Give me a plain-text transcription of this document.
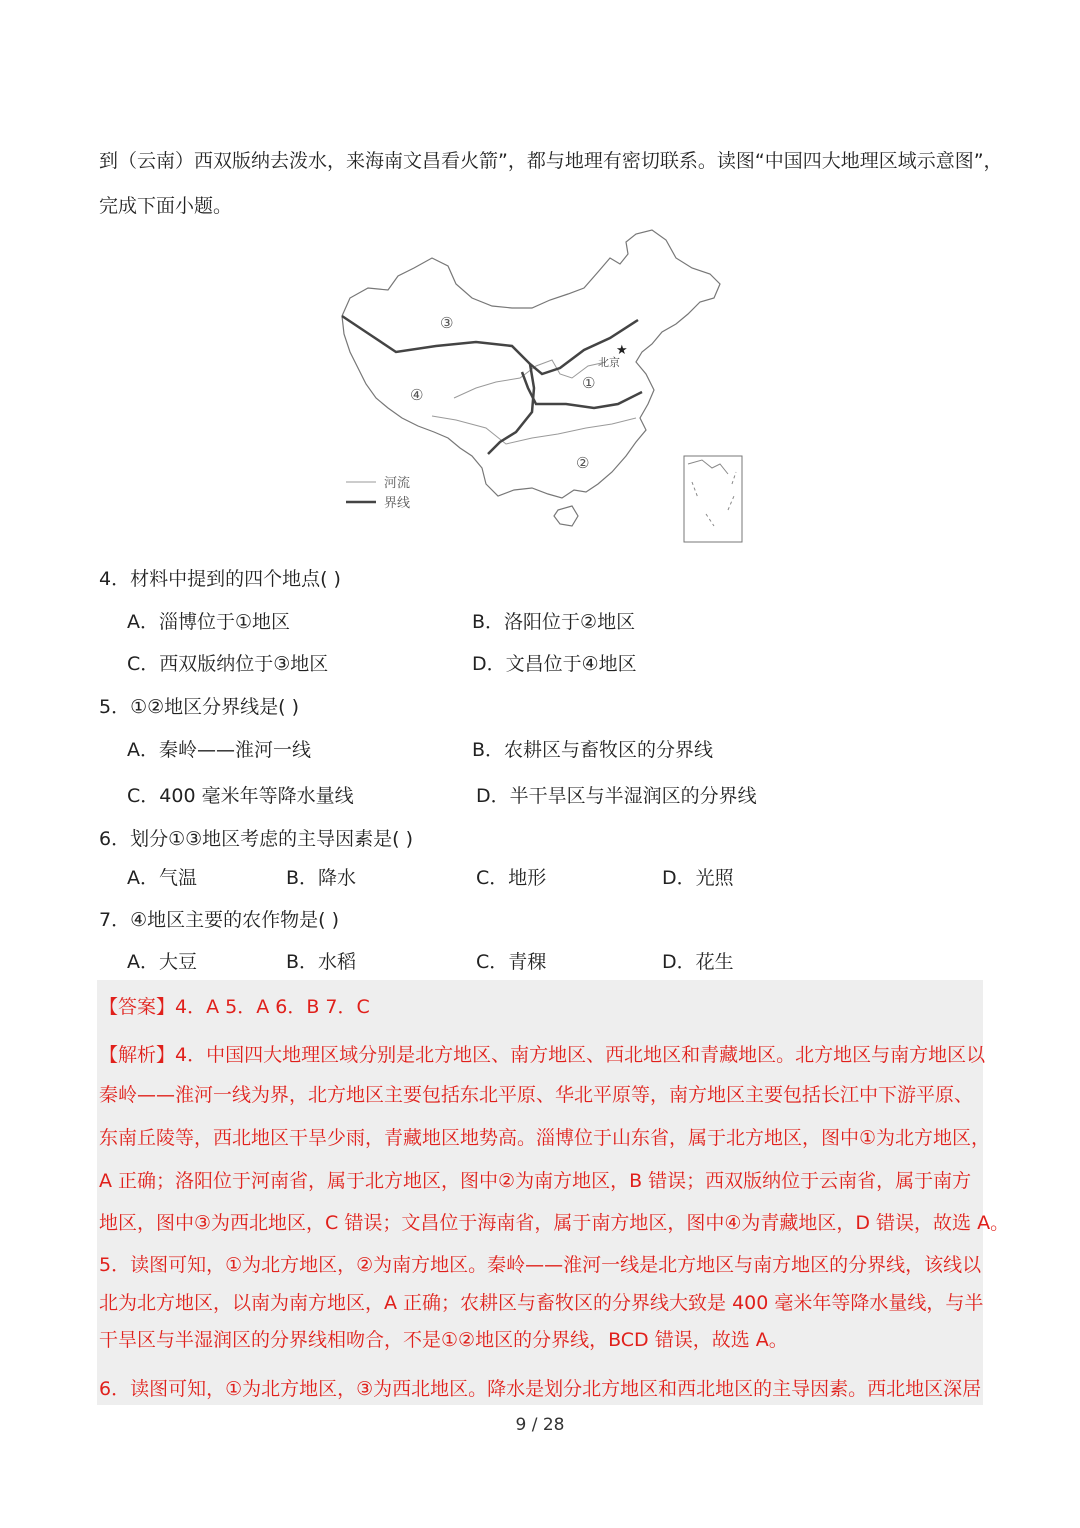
到（云南）西双版纳去泼水，来海南文昌看火箭”，都与地理有密切联系。读图“中国四大地理区域示意图”，
完成下面小题。
★
北京
①
②
③
④
河流
界线
4．材料中提到的四个地点( )
A．淄博位于①地区	B．洛阳位于②地区
C．西双版纳位于③地区	D．文昌位于④地区
5．①②地区分界线是( )
A．秦岭——淮河一线	B．农耕区与畜牧区的分界线
C．400 毫米年等降水量线	D．半干旱区与半湿润区的分界线
6．划分①③地区考虑的主导因素是( )
A．气温	B．降水	C．地形	D．光照
7．④地区主要的农作物是( )
A．大豆	B．水稻	C．青稞	D．花生
【答案】4．A 5．A 6．B 7．C
【解析】4．中国四大地理区域分别是北方地区、南方地区、西北地区和青藏地区。北方地区与南方地区以
秦岭——淮河一线为界，北方地区主要包括东北平原、华北平原等，南方地区主要包括长江中下游平原、
东南丘陵等，西北地区干旱少雨，青藏地区地势高。淄博位于山东省，属于北方地区，图中①为北方地区，
A 正确；洛阳位于河南省，属于北方地区，图中②为南方地区，B 错误；西双版纳位于云南省，属于南方
地区，图中③为西北地区，C 错误；文昌位于海南省，属于南方地区，图中④为青藏地区，D 错误，故选 A。
5．读图可知，①为北方地区，②为南方地区。秦岭——淮河一线是北方地区与南方地区的分界线，该线以
北为北方地区，以南为南方地区，A 正确；农耕区与畜牧区的分界线大致是 400 毫米年等降水量线，与半
干旱区与半湿润区的分界线相吻合，不是①②地区的分界线，BCD 错误，故选 A。
6．读图可知，①为北方地区，③为西北地区。降水是划分北方地区和西北地区的主导因素。西北地区深居
9 / 28
